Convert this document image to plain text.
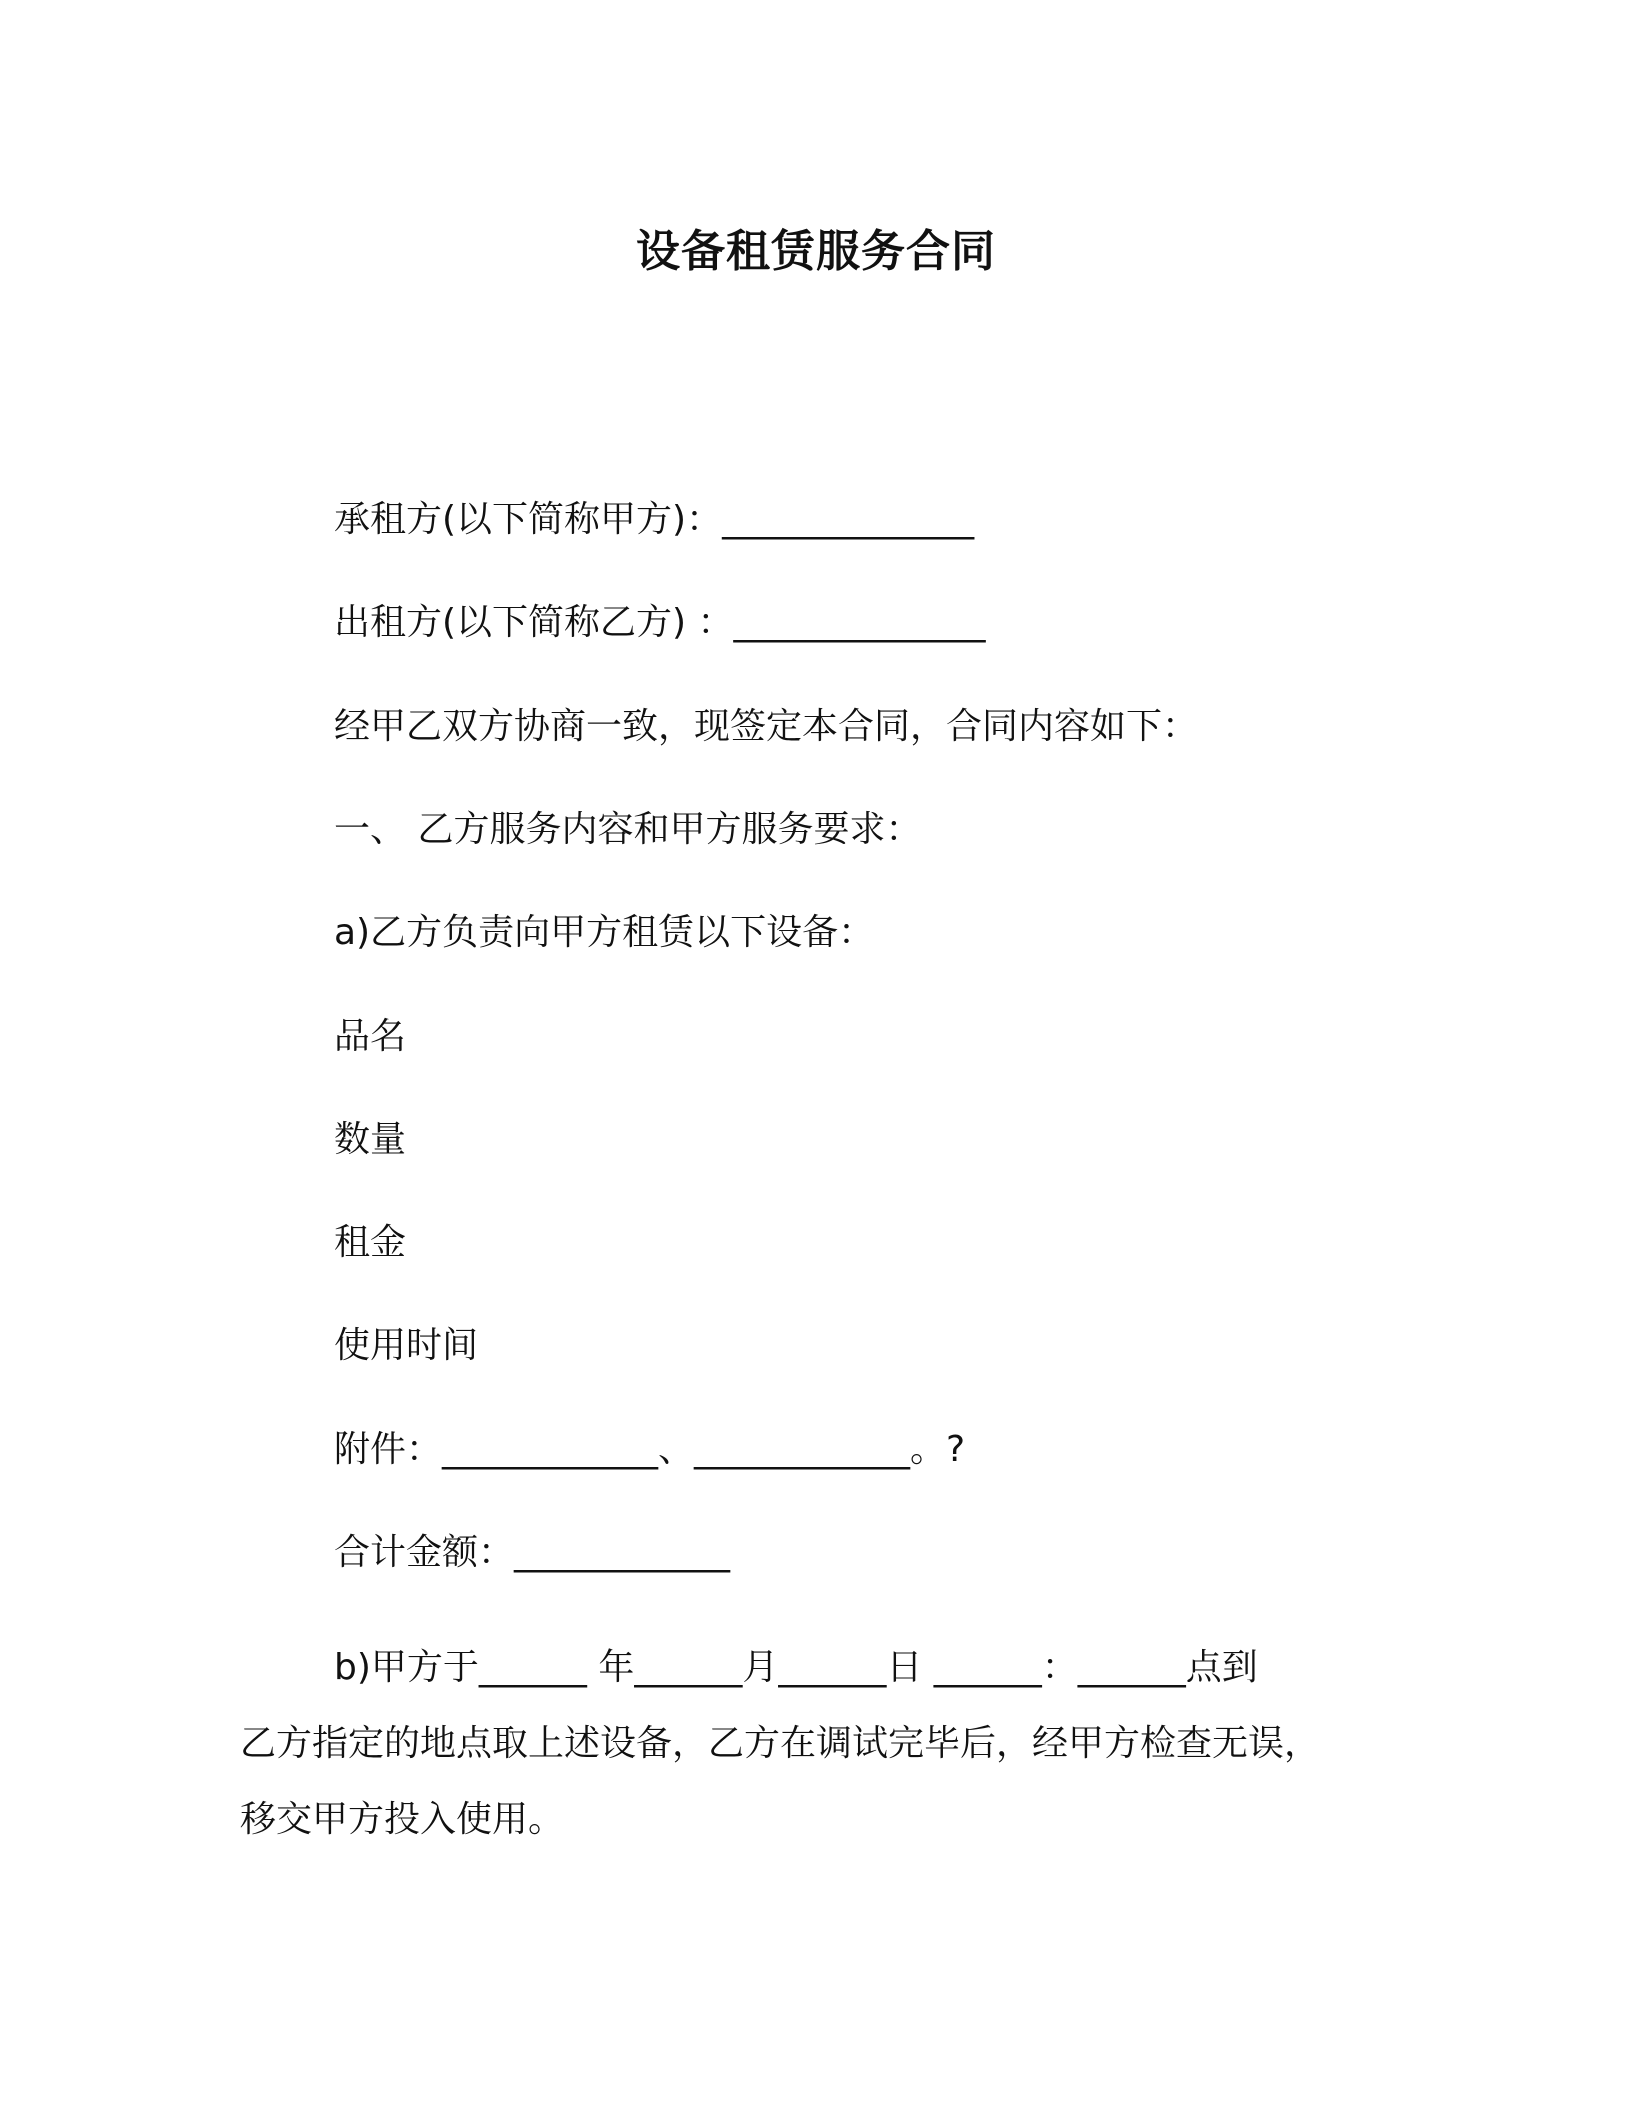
设备租赁服务合同
承租方(以下简称甲方)：______________
出租方(以下简称乙方) ：______________
经甲乙双方协商一致，现签定本合同，合同内容如下：
一、 乙方服务内容和甲方服务要求：
a)乙方负责向甲方租赁以下设备：
品名
数量
租金
使用时间
附件：____________、____________。?
合计金额：____________
b)甲方于______ 年______月______日 ______：______点到
乙方指定的地点取上述设备，乙方在调试完毕后，经甲方检查无误，
移交甲方投入使用。
